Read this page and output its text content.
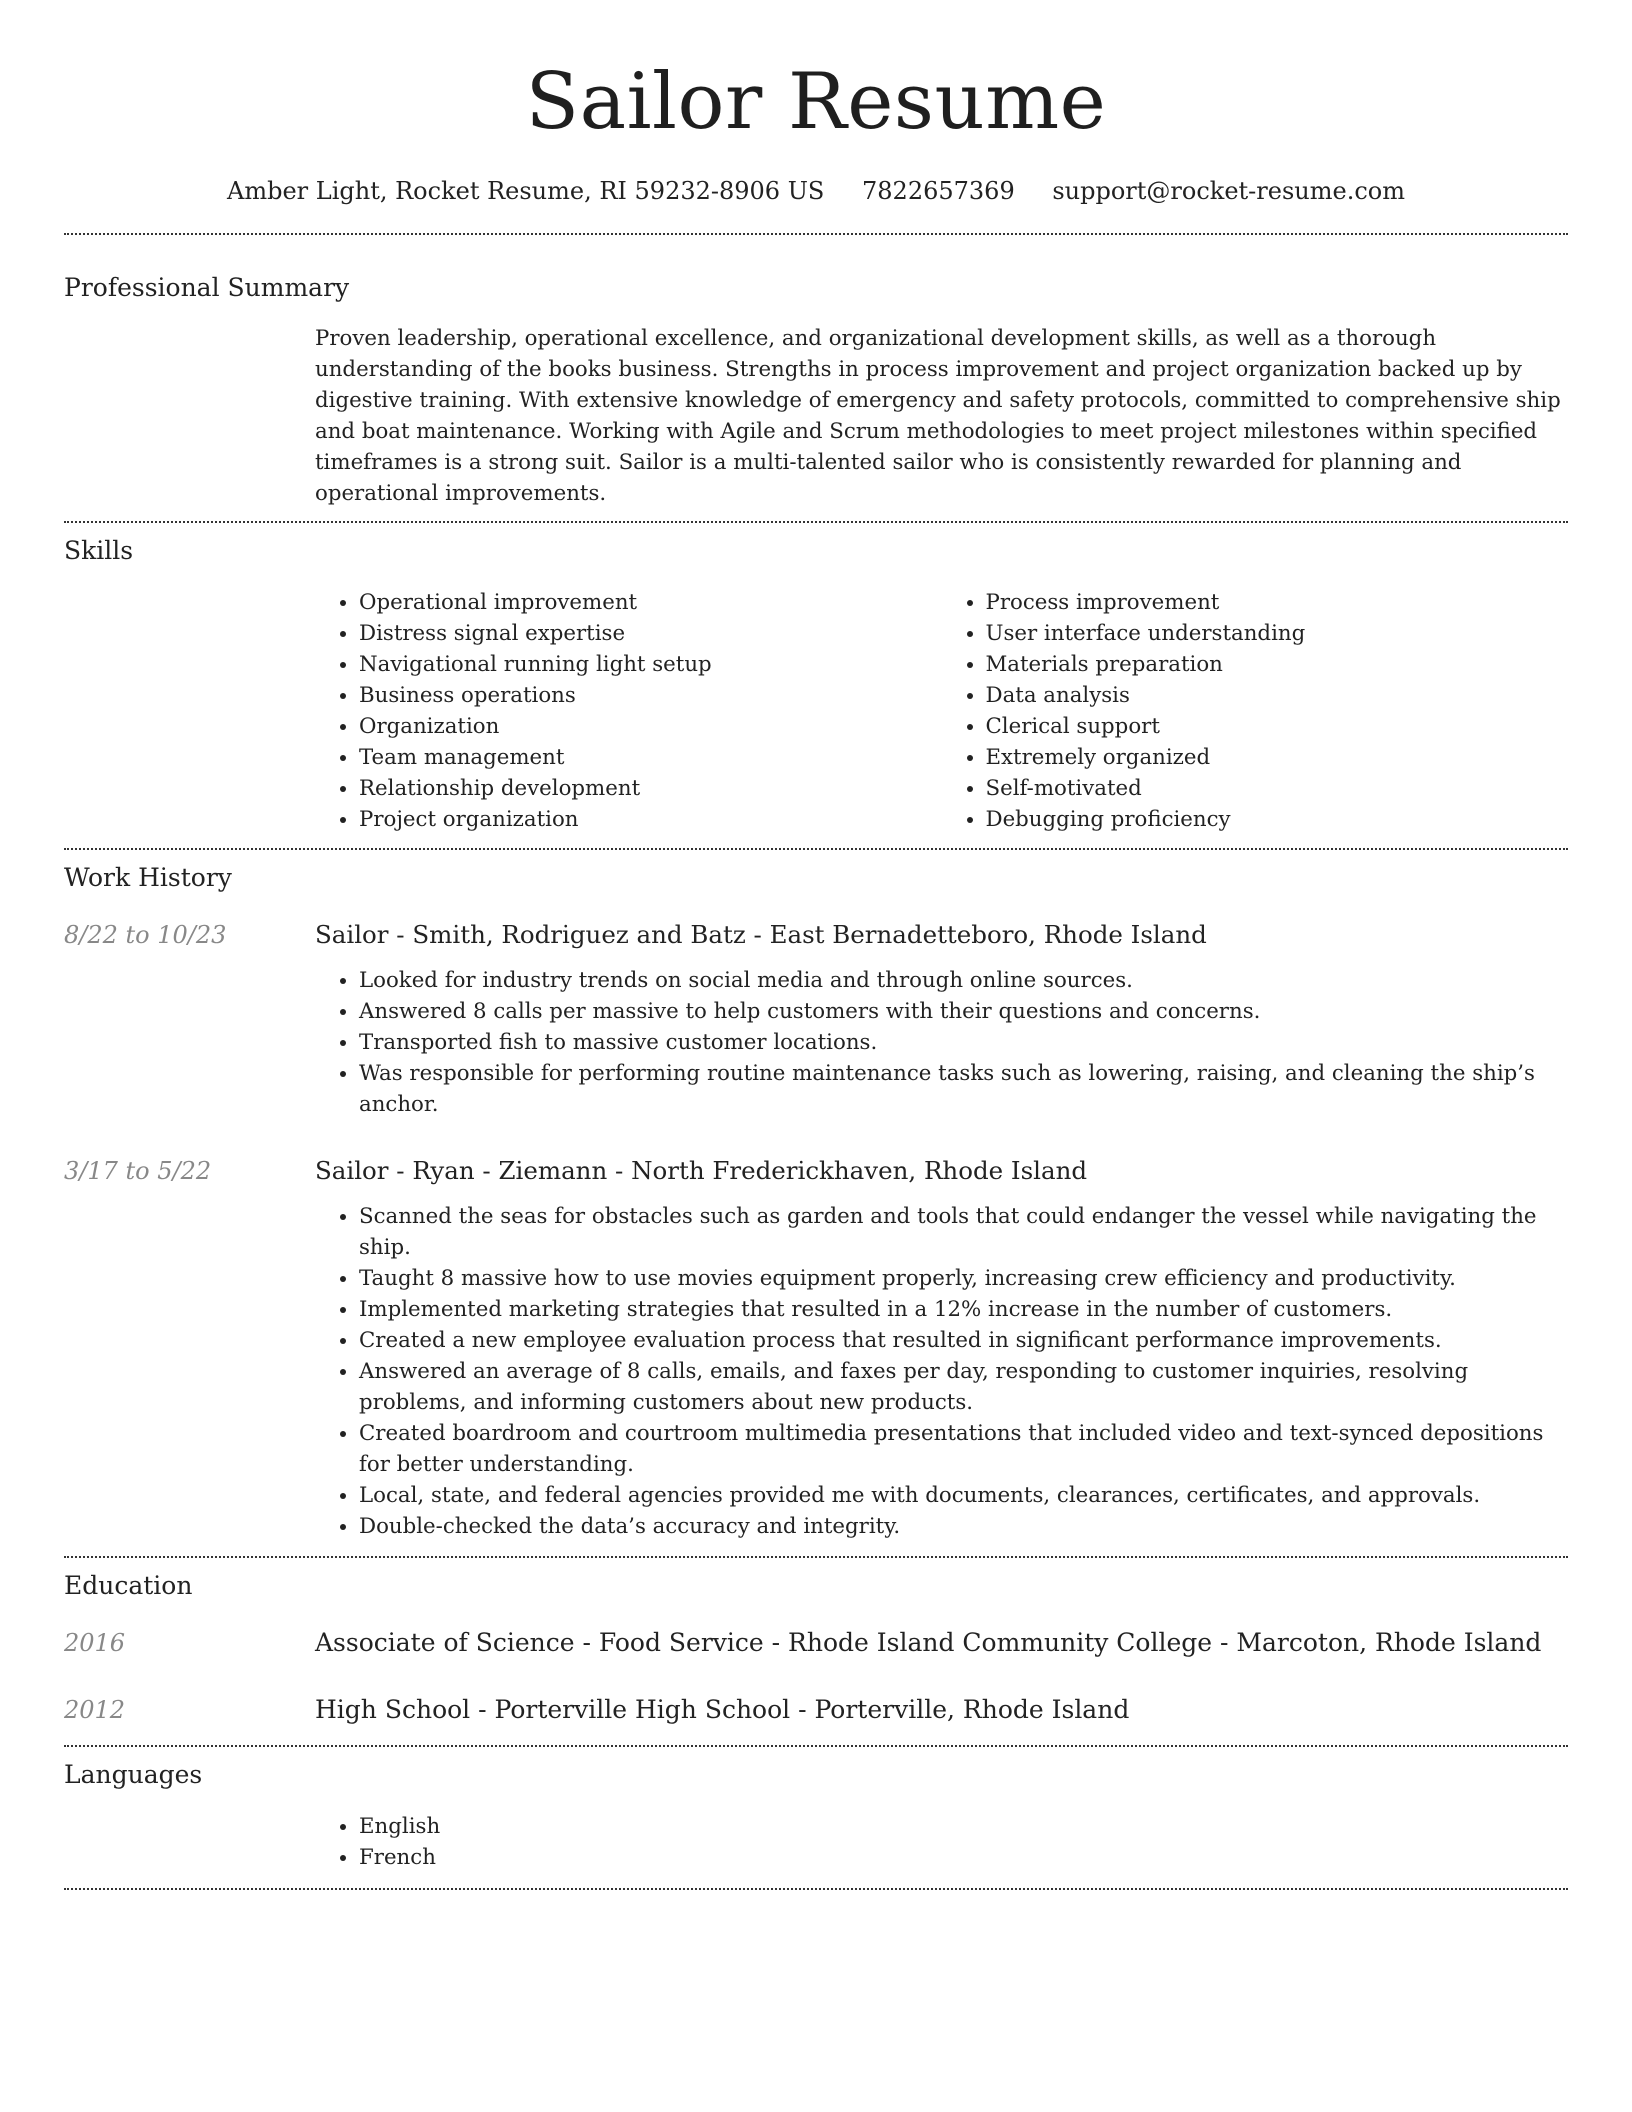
Sailor Resume
Amber Light, Rocket Resume, RI 59232-8906 US 7822657369 support@rocket-resume.com
Professional Summary

Proven leadership, operational excellence, and organizational development skills, as well as a thorough understanding of the books business. Strengths in process improvement and project organization backed up by digestive training. With extensive knowledge of emergency and safety protocols, committed to comprehensive ship and boat maintenance. Working with Agile and Scrum methodologies to meet project milestones within specified timeframes is a strong suit. Sailor is a multi-talented sailor who is consistently rewarded for planning and operational improvements.

Skills
• Operational improvement
• Distress signal expertise
• Navigational running light setup
• Business operations
• Organization
• Team management
• Relationship development
• Project organization
• Process improvement
• User interface understanding
• Materials preparation
• Data analysis
• Clerical support
• Extremely organized
• Self-motivated
• Debugging proficiency
Work History
8/22 to 10/23	Sailor - Smith, Rodriguez and Batz - East Bernadetteboro, Rhode Island

• Looked for industry trends on social media and through online sources.
• Answered 8 calls per massive to help customers with their questions and concerns.
• Transported fish to massive customer locations.
• Was responsible for performing routine maintenance tasks such as lowering, raising, and cleaning the ship’s anchor.
3/17 to 5/22	Sailor - Ryan - Ziemann - North Frederickhaven, Rhode Island

• Scanned the seas for obstacles such as garden and tools that could endanger the vessel while navigating the ship.
• Taught 8 massive how to use movies equipment properly, increasing crew efficiency and productivity.
• Implemented marketing strategies that resulted in a 12% increase in the number of customers.
• Created a new employee evaluation process that resulted in significant performance improvements.
• Answered an average of 8 calls, emails, and faxes per day, responding to customer inquiries, resolving problems, and informing customers about new products.
• Created boardroom and courtroom multimedia presentations that included video and text-synced depositions for better understanding.
• Local, state, and federal agencies provided me with documents, clearances, certificates, and approvals.
• Double-checked the data’s accuracy and integrity.
Education
2016	Associate of Science - Food Service - Rhode Island Community College - Marcoton, Rhode Island
2012	High School - Porterville High School - Porterville, Rhode Island
Languages
• English
• French
